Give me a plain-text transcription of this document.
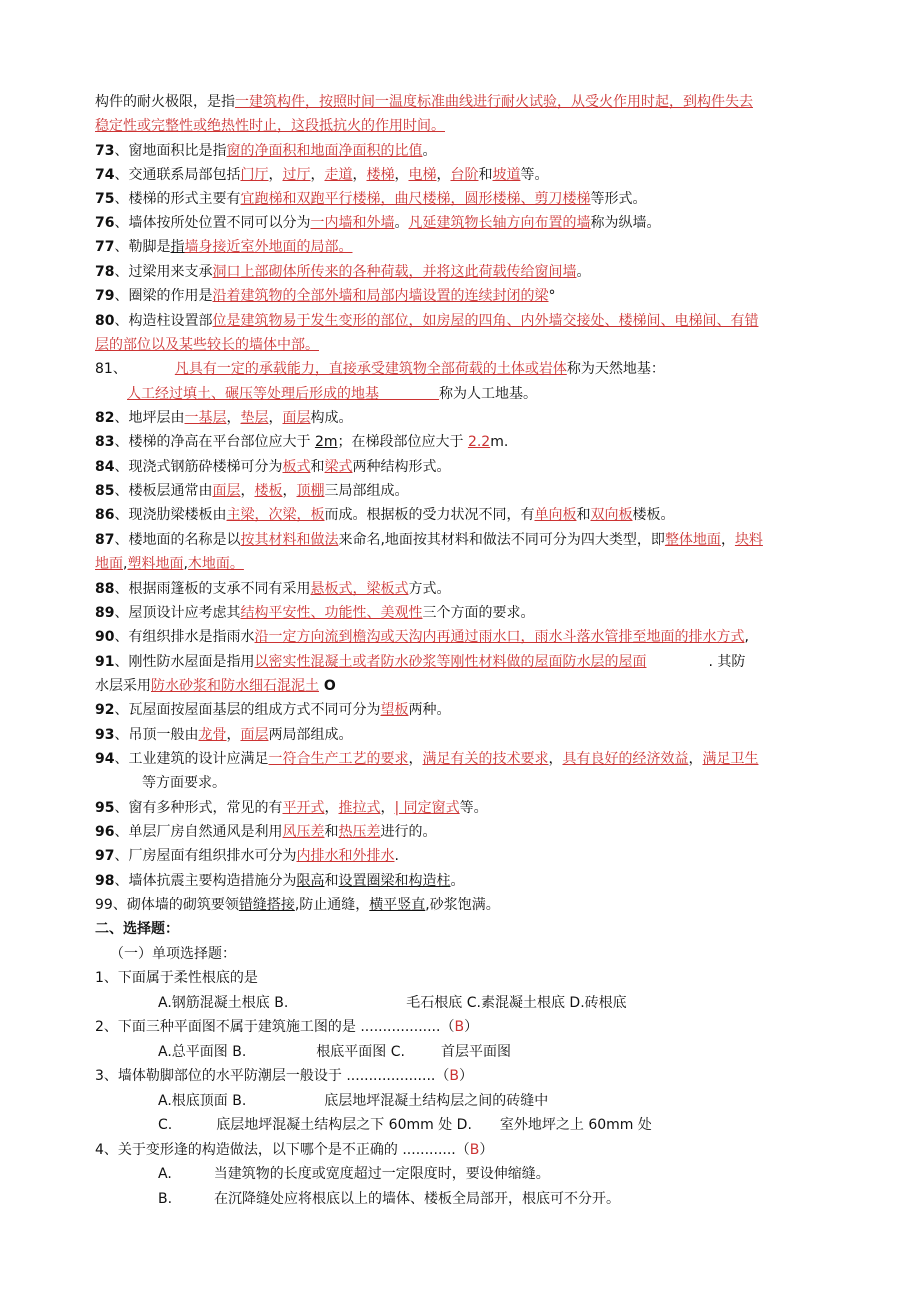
构件的耐火极限，是指一建筑构件，按照时间一温度标准曲线进行耐火试验，从受火作用时起，到构件失去
稳定性或完整性或绝热性时止，这段抵抗火的作用时间。
73、窗地面积比是指窗的净面积和地面净面积的比值。
74、交通联系局部包括门厅，过厅，走道，楼梯，电梯，台阶和坡道等。
75、楼梯的形式主要有宜跑梯和双跑平行楼梯，曲尺楼梯，圆形楼梯、剪刀楼梯等形式。
76、墙体按所处位置不同可以分为一内墙和外墙。凡延建筑物长轴方向布置的墙称为纵墙。
77、勒脚是指墙身接近室外地面的局部。
78、过梁用来支承洞口上部砌体所传来的各种荷载，并将这此荷载传给窗间墙。
79、圈梁的作用是沿着建筑物的全部外墙和局部内墙设置的连续封闭的梁°
80、构造柱设置部位是建筑物易于发生变形的部位，如房屋的四角、内外墙交接处、楼梯间、电梯间、有错
层的部位以及某些较长的墙体中部。
81、	凡具有一定的承载能力，直接承受建筑物全部荷载的土体或岩体称为天然地基：
人工经过填土、碾压等处理后形成的地基	称为人工地基。
82、地坪层由一基层，垫层，面层构成。
83、楼梯的净高在平台部位应大于 2m；在梯段部位应大于 2.2m.
84、现浇式钢筋砕楼梯可分为板式和梁式两种结构形式。
85、楼板层通常由面层，楼板，顶棚三局部组成。
86、现浇肋梁楼板由主梁，次梁，板而成。根据板的受力状况不同，有单向板和双向板楼板。
87、楼地面的名称是以按其材料和做法来命名,地面按其材料和做法不同可分为四大类型，即整体地面，块料
地面,塑料地面,木地面。
88、根据雨篷板的支承不同有采用悬板式，梁板式方式。
89、屋顶设计应考虑其结构平安性、功能性、美观性三个方面的要求。
90、有组织排水是指雨水沿一定方向流到檐沟或天沟内再通过雨水口，雨水斗落水管排至地面的排水方式,
91、刚性防水屋面是指用以密实性混凝土或者防水砂浆等刚性材料做的屋面防水层的屋面	. 其防
水层采用防水砂浆和防水细石混泥土 O
92、瓦屋面按屋面基层的组成方式不同可分为望板两种。
93、吊顶一般由龙骨，面层两局部组成。
94、工业建筑的设计应满足一符合生产工艺的要求，满足有关的技术要求，具有良好的经济效益，满足卫生
等方面要求。
95、窗有多种形式，常见的有平开式，推拉式，| 同定窗式等。
96、单层厂房自然通风是利用风压差和热压差进行的。
97、厂房屋面有组织排水可分为内排水和外排水.
98、墙体抗震主要构造措施分为限高和设置圈梁和构造柱。
99、砌体墙的砌筑要领错缝搭接,防止通缝，横平竖直,砂浆饱满。
二、选择题：
（一）单项选择题：
1、下面属于柔性根底的是
A.钢筋混凝土根底 B.	毛石根底 C.素混凝土根底 D.砖根底
2、下面三种平面图不属于建筑施工图的是 ..................（B）
A.总平面图 B.	根底平面图 C.	首层平面图
3、墙体勒脚部位的水平防潮层一般设于 ....................（B）
A.根底顶面 B.	底层地坪混凝土结构层之间的砖缝中
C.	底层地坪混凝土结构层之下 60mm 处 D. 室外地坪之上 60mm 处
4、关于变形逢的构造做法，以下哪个是不正确的 ............（B）
A.	当建筑物的长度或宽度超过一定限度时，要设伸缩缝。
B.	在沉降缝处应将根底以上的墙体、楼板全局部开，根底可不分开。
